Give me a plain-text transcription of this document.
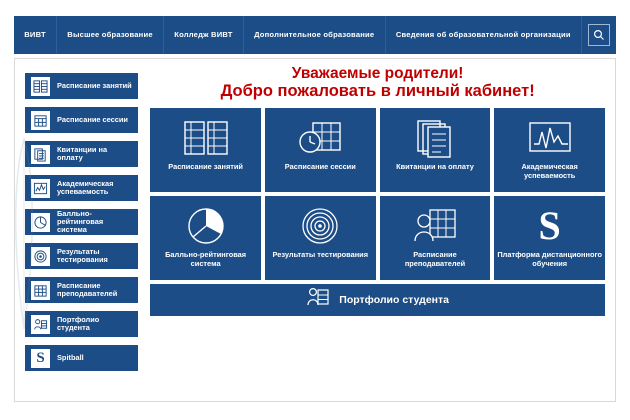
ВИВТ	Высшее образование	Колледж ВИВТ	Дополнительное образование	Сведения об образовательной организации
Расписание занятий
Расписание сессии
Квитанции на оплату
Академическая успеваемость
Балльно-рейтинговая система
Результаты тестирования
Расписание преподавателей
Портфолио студента
S Spitball
Уважаемые родители!
Добро пожаловать в личный кабинет!
Расписание занятий	Расписание сессии	Квитанции на оплату	Академическая успеваемость
Балльно-рейтинговая система
Результаты тестирования	Расписание преподавателей
S
Платформа дистанционного обучения
Портфолио студента
